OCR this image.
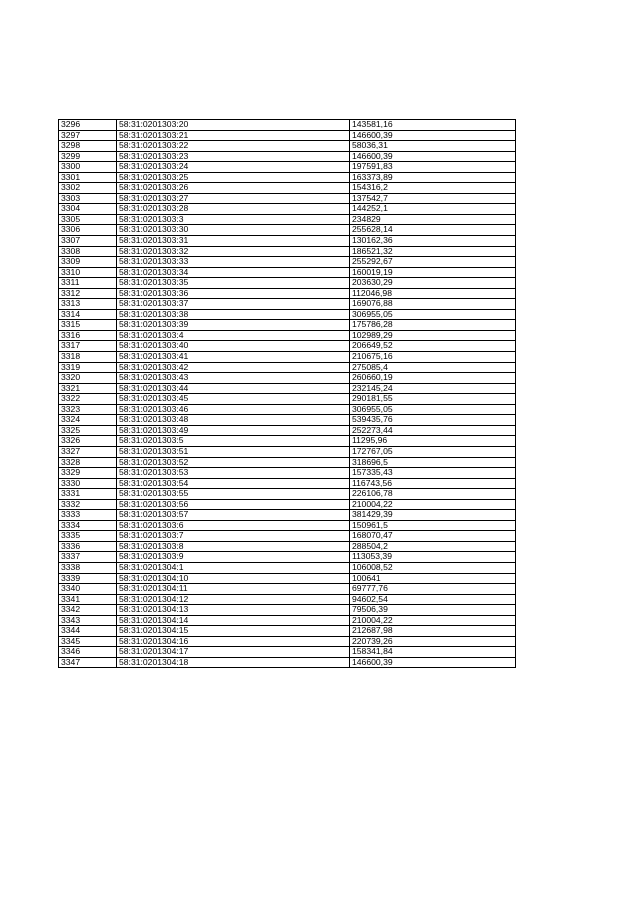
3296	58:31:0201303:20	143581,16
3297	58:31:0201303:21	146600,39
3298	58:31:0201303:22	58036,31
3299	58:31:0201303:23	146600,39
3300	58:31:0201303:24	197591,83
3301	58:31:0201303:25	163373,89
3302	58:31:0201303:26	154316,2
3303	58:31:0201303:27	137542,7
3304	58:31:0201303:28	144252,1
3305	58:31:0201303:3	234829
3306	58:31:0201303:30	255628,14
3307	58:31:0201303:31	130162,36
3308	58:31:0201303:32	186521,32
3309	58:31:0201303:33	255292,67
3310	58:31:0201303:34	160019,19
3311	58:31:0201303:35	203630,29
3312	58:31:0201303:36	112046,98
3313	58:31:0201303:37	169076,88
3314	58:31:0201303:38	306955,05
3315	58:31:0201303:39	175786,28
3316	58:31:0201303:4	102989,29
3317	58:31:0201303:40	206649,52
3318	58:31:0201303:41	210675,16
3319	58:31:0201303:42	275085,4
3320	58:31:0201303:43	260660,19
3321	58:31:0201303:44	232145,24
3322	58:31:0201303:45	290181,55
3323	58:31:0201303:46	306955,05
3324	58:31:0201303:48	539435,76
3325	58:31:0201303:49	252273,44
3326	58:31:0201303:5	11295,96
3327	58:31:0201303:51	172767,05
3328	58:31:0201303:52	318696,5
3329	58:31:0201303:53	157335,43
3330	58:31:0201303:54	116743,56
3331	58:31:0201303:55	226106,78
3332	58:31:0201303:56	210004,22
3333	58:31:0201303:57	381429,39
3334	58:31:0201303:6	150961,5
3335	58:31:0201303:7	168070,47
3336	58:31:0201303:8	288504,2
3337	58:31:0201303:9	113053,39
3338	58:31:0201304:1	106008,52
3339	58:31:0201304:10	100641
3340	58:31:0201304:11	69777,76
3341	58:31:0201304:12	94602,54
3342	58:31:0201304:13	79506,39
3343	58:31:0201304:14	210004,22
3344	58:31:0201304:15	212687,98
3345	58:31:0201304:16	220739,26
3346	58:31:0201304:17	158341,84
3347	58:31:0201304:18	146600,39
